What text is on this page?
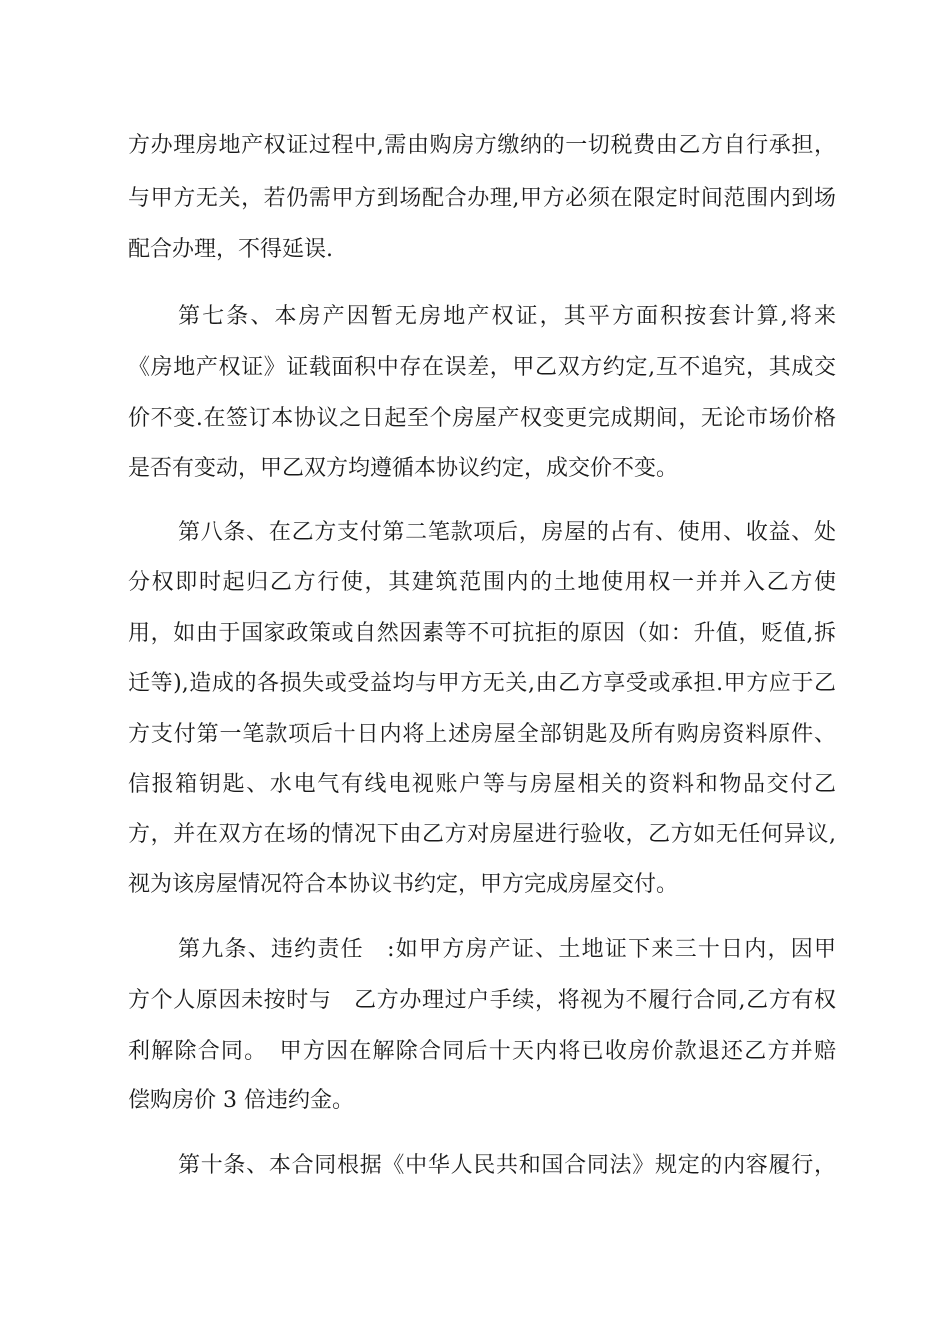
方办理房地产权证过程中,需由购房方缴纳的一切税费由乙方自行承担，
与甲方无关，若仍需甲方到场配合办理,甲方必须在限定时间范围内到场
配合办理，不得延误.
第七条、本房产因暂无房地产权证，其平方面积按套计算,将来
《房地产权证》证载面积中存在误差，甲乙双方约定,互不追究，其成交
价不变.在签订本协议之日起至个房屋产权变更完成期间，无论市场价格
是否有变动，甲乙双方均遵循本协议约定，成交价不变。
第八条、在乙方支付第二笔款项后，房屋的占有、使用、收益、处
分权即时起归乙方行使，其建筑范围内的土地使用权一并并入乙方使
用，如由于国家政策或自然因素等不可抗拒的原因（如：升值，贬值,拆
迁等),造成的各损失或受益均与甲方无关,由乙方享受或承担.甲方应于乙
方支付第一笔款项后十日内将上述房屋全部钥匙及所有购房资料原件、
信报箱钥匙、水电气有线电视账户等与房屋相关的资料和物品交付乙
方，并在双方在场的情况下由乙方对房屋进行验收，乙方如无任何异议,
视为该房屋情况符合本协议书约定，甲方完成房屋交付。
第九条、违约责任　:如甲方房产证、土地证下来三十日内，因甲
方个人原因未按时与　乙方办理过户手续，将视为不履行合同,乙方有权
利解除合同。　甲方因在解除合同后十天内将已收房价款退还乙方并赔
偿购房价 3 倍违约金。
第十条、本合同根据《中华人民共和国合同法》规定的内容履行，
